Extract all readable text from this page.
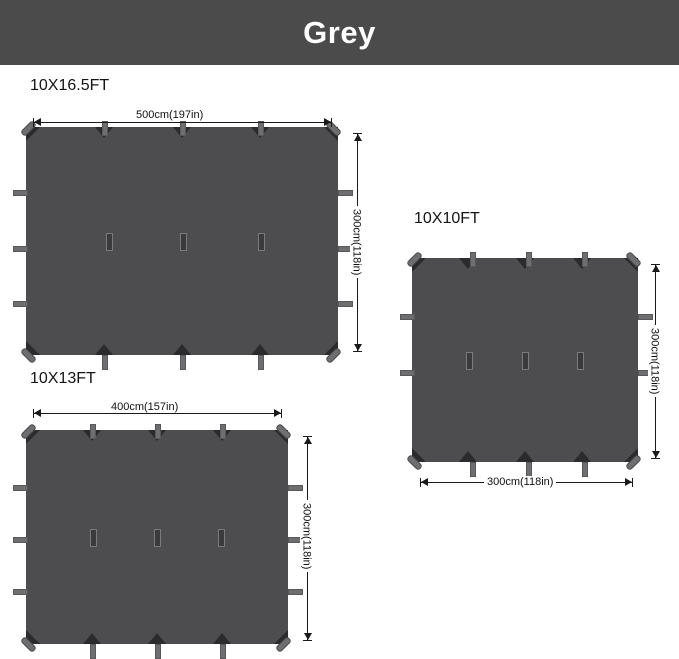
Grey
10X16.5FT
500cm(197in)
300cm(118in)	10X10FT
300cm(118in)
300cm(118in)
10X13FT
400cm(157in)
300cm(118in)
